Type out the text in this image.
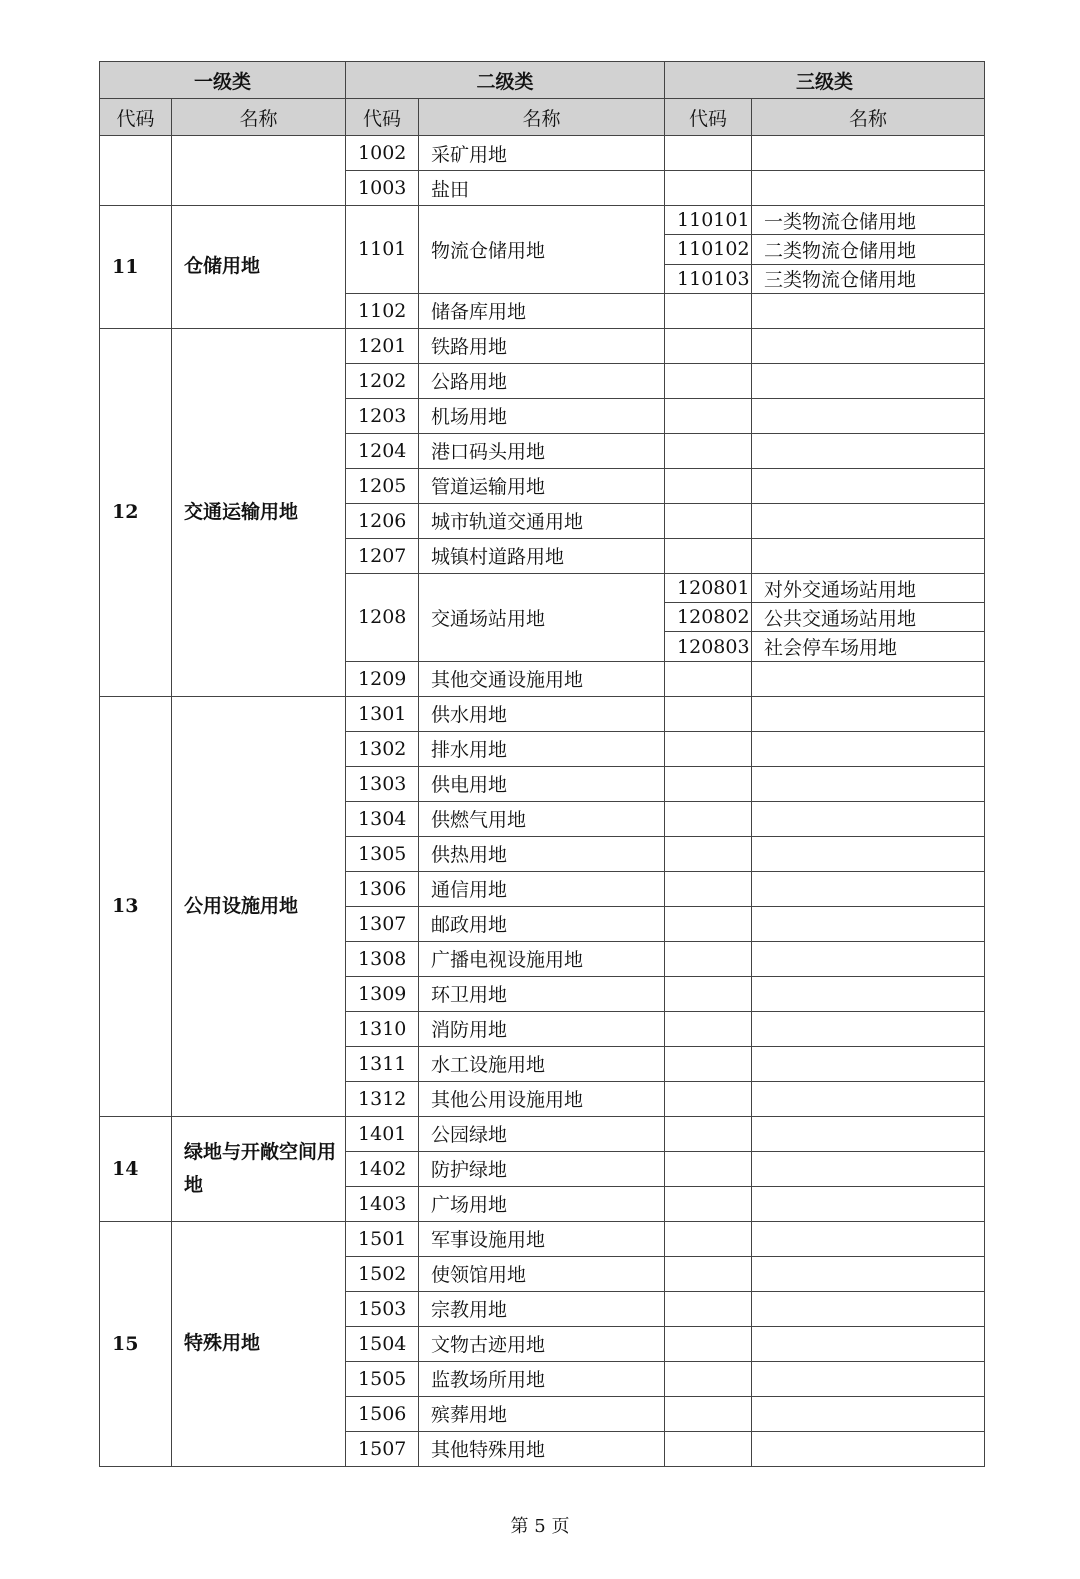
一级类		二级类		三级类	
代码	名称	代码	名称	代码	名称
		1002	采矿用地		
		1003	盐田		
11	仓储用地	1101	物流仓储用地	110101	一类物流仓储用地
				110102	二类物流仓储用地
				110103	三类物流仓储用地
		1102	储备库用地		
12	交通运输用地	1201	铁路用地		
		1202	公路用地		
		1203	机场用地		
		1204	港口码头用地		
		1205	管道运输用地		
		1206	城市轨道交通用地		
		1207	城镇村道路用地		
		1208	交通场站用地	120801	对外交通场站用地
				120802	公共交通场站用地
				120803	社会停车场用地
		1209	其他交通设施用地		
13	公用设施用地	1301	供水用地		
		1302	排水用地		
		1303	供电用地		
		1304	供燃气用地		
		1305	供热用地		
		1306	通信用地		
		1307	邮政用地		
		1308	广播电视设施用地		
		1309	环卫用地		
		1310	消防用地		
		1311	水工设施用地		
		1312	其他公用设施用地		
14	绿地与开敞空间用地	1401	公园绿地		
		1402	防护绿地		
		1403	广场用地		
15	特殊用地	1501	军事设施用地		
		1502	使领馆用地		
		1503	宗教用地		
		1504	文物古迹用地		
		1505	监教场所用地		
		1506	殡葬用地		
		1507	其他特殊用地		
第 5 页
